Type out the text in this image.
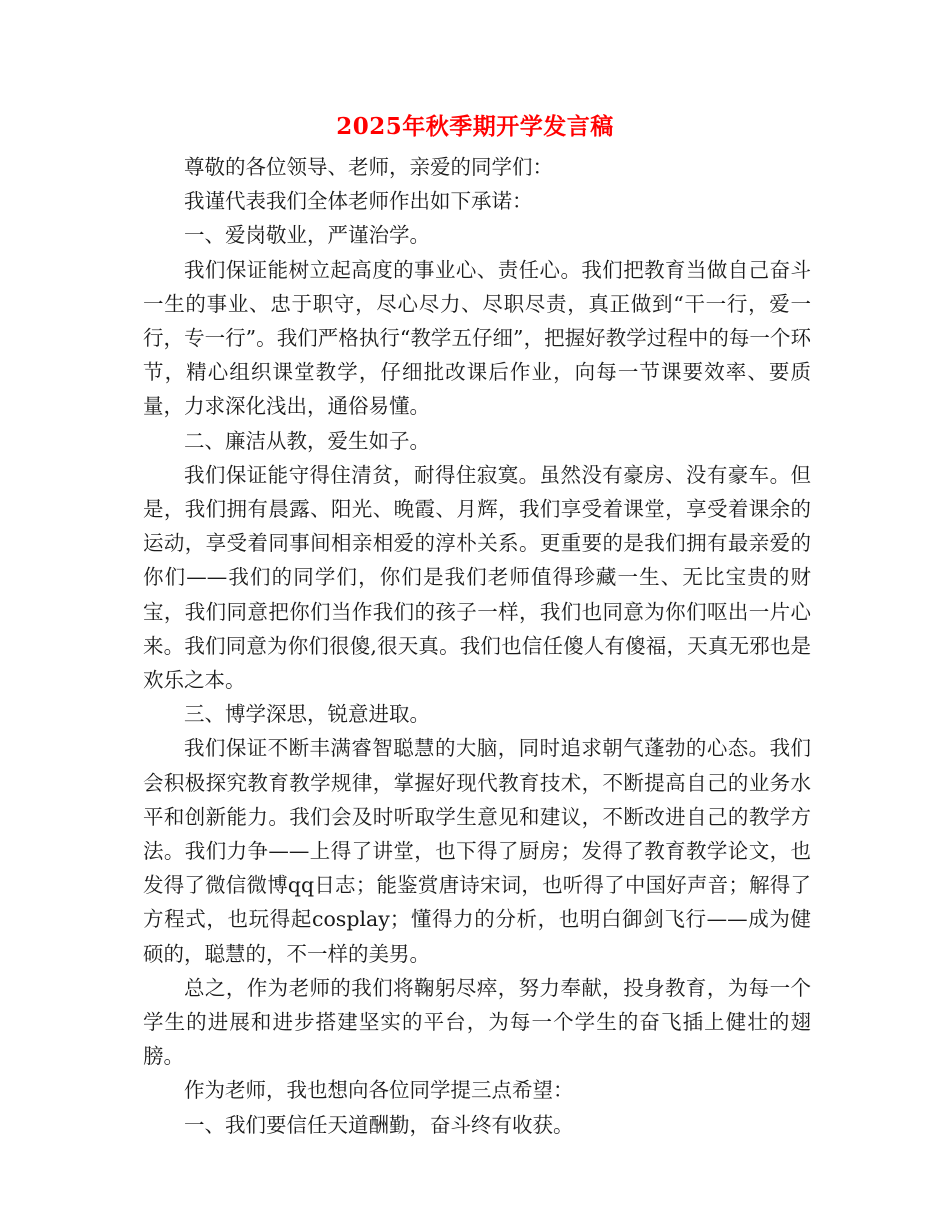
2025年秋季期开学发言稿

尊敬的各位领导、老师，亲爱的同学们：

我谨代表我们全体老师作出如下承诺：

一、爱岗敬业，严谨治学。

我们保证能树立起高度的事业心、责任心。我们把教育当做自己奋斗一生的事业、忠于职守，尽心尽力、尽职尽责，真正做到“干一行，爱一行，专一行”。我们严格执行“教学五仔细”，把握好教学过程中的每一个环节，精心组织课堂教学，仔细批改课后作业，向每一节课要效率、要质量，力求深化浅出，通俗易懂。

二、廉洁从教，爱生如子。

我们保证能守得住清贫，耐得住寂寞。虽然没有豪房、没有豪车。但是，我们拥有晨露、阳光、晚霞、月辉，我们享受着课堂，享受着课余的运动，享受着同事间相亲相爱的淳朴关系。更重要的是我们拥有最亲爱的你们——我们的同学们，你们是我们老师值得珍藏一生、无比宝贵的财宝，我们同意把你们当作我们的孩子一样，我们也同意为你们呕出一片心来。我们同意为你们很傻,很天真。我们也信任傻人有傻福，天真无邪也是欢乐之本。

三、博学深思，锐意进取。

我们保证不断丰满睿智聪慧的大脑，同时追求朝气蓬勃的心态。我们会积极探究教育教学规律，掌握好现代教育技术，不断提高自己的业务水平和创新能力。我们会及时听取学生意见和建议，不断改进自己的教学方法。我们力争——上得了讲堂，也下得了厨房；发得了教育教学论文，也发得了微信微博qq日志；能鉴赏唐诗宋词，也听得了中国好声音；解得了方程式，也玩得起cosplay；懂得力的分析，也明白御剑飞行——成为健硕的，聪慧的，不一样的美男。

总之，作为老师的我们将鞠躬尽瘁，努力奉献，投身教育，为每一个学生的进展和进步搭建坚实的平台，为每一个学生的奋飞插上健壮的翅膀。

作为老师，我也想向各位同学提三点希望：

一、我们要信任天道酬勤，奋斗终有收获。
